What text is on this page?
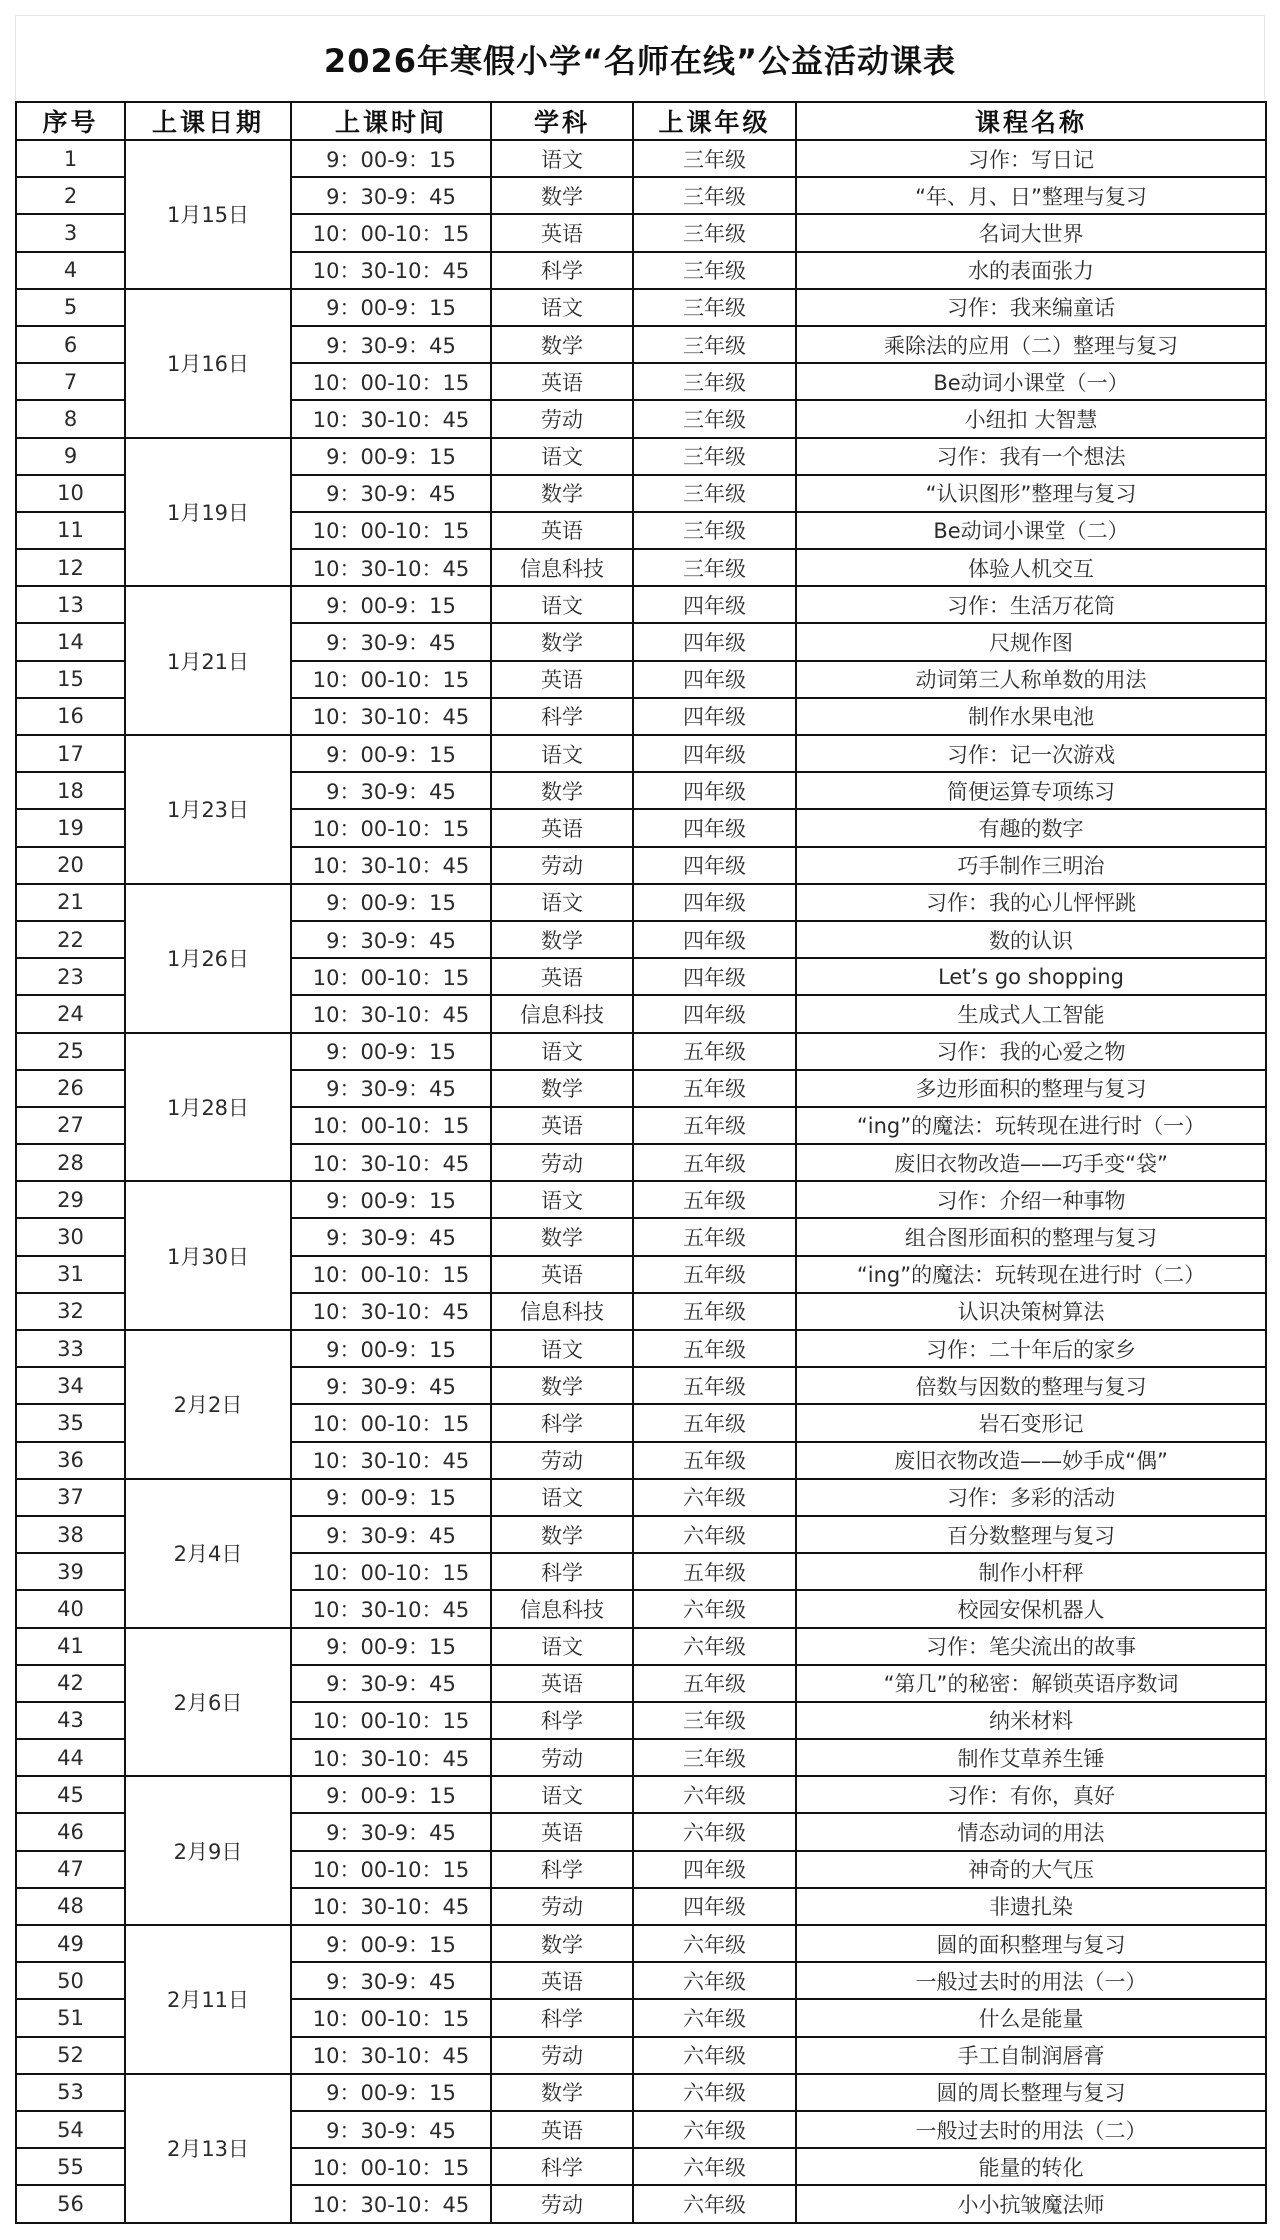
2026年寒假小学“名师在线”公益活动课表
序号	上课日期	上课时间	学科	上课年级	课程名称
1	1月15日	9：00-9：15	语文	三年级	习作：写日记
2		9：30-9：45	数学	三年级	“年、月、日”整理与复习
3		10：00-10：15	英语	三年级	名词大世界
4		10：30-10：45	科学	三年级	水的表面张力
5	1月16日	9：00-9：15	语文	三年级	习作：我来编童话
6		9：30-9：45	数学	三年级	乘除法的应用（二）整理与复习
7		10：00-10：15	英语	三年级	Be动词小课堂（一）
8		10：30-10：45	劳动	三年级	小纽扣 大智慧
9	1月19日	9：00-9：15	语文	三年级	习作：我有一个想法
10		9：30-9：45	数学	三年级	“认识图形”整理与复习
11		10：00-10：15	英语	三年级	Be动词小课堂（二）
12		10：30-10：45	信息科技	三年级	体验人机交互
13	1月21日	9：00-9：15	语文	四年级	习作：生活万花筒
14		9：30-9：45	数学	四年级	尺规作图
15		10：00-10：15	英语	四年级	动词第三人称单数的用法
16		10：30-10：45	科学	四年级	制作水果电池
17	1月23日	9：00-9：15	语文	四年级	习作：记一次游戏
18		9：30-9：45	数学	四年级	简便运算专项练习
19		10：00-10：15	英语	四年级	有趣的数字
20		10：30-10：45	劳动	四年级	巧手制作三明治
21	1月26日	9：00-9：15	语文	四年级	习作：我的心儿怦怦跳
22		9：30-9：45	数学	四年级	数的认识
23		10：00-10：15	英语	四年级	Let’s go shopping
24		10：30-10：45	信息科技	四年级	生成式人工智能
25	1月28日	9：00-9：15	语文	五年级	习作：我的心爱之物
26		9：30-9：45	数学	五年级	多边形面积的整理与复习
27		10：00-10：15	英语	五年级	“ing”的魔法：玩转现在进行时（一）
28		10：30-10：45	劳动	五年级	废旧衣物改造——巧手变“袋”
29	1月30日	9：00-9：15	语文	五年级	习作：介绍一种事物
30		9：30-9：45	数学	五年级	组合图形面积的整理与复习
31		10：00-10：15	英语	五年级	“ing”的魔法：玩转现在进行时（二）
32		10：30-10：45	信息科技	五年级	认识决策树算法
33	2月2日	9：00-9：15	语文	五年级	习作：二十年后的家乡
34		9：30-9：45	数学	五年级	倍数与因数的整理与复习
35		10：00-10：15	科学	五年级	岩石变形记
36		10：30-10：45	劳动	五年级	废旧衣物改造——妙手成“偶”
37	2月4日	9：00-9：15	语文	六年级	习作：多彩的活动
38		9：30-9：45	数学	六年级	百分数整理与复习
39		10：00-10：15	科学	五年级	制作小杆秤
40		10：30-10：45	信息科技	六年级	校园安保机器人
41	2月6日	9：00-9：15	语文	六年级	习作：笔尖流出的故事
42		9：30-9：45	英语	五年级	“第几”的秘密：解锁英语序数词
43		10：00-10：15	科学	三年级	纳米材料
44		10：30-10：45	劳动	三年级	制作艾草养生锤
45	2月9日	9：00-9：15	语文	六年级	习作：有你，真好
46		9：30-9：45	英语	六年级	情态动词的用法
47		10：00-10：15	科学	四年级	神奇的大气压
48		10：30-10：45	劳动	四年级	非遗扎染
49	2月11日	9：00-9：15	数学	六年级	圆的面积整理与复习
50		9：30-9：45	英语	六年级	一般过去时的用法（一）
51		10：00-10：15	科学	六年级	什么是能量
52		10：30-10：45	劳动	六年级	手工自制润唇膏
53	2月13日	9：00-9：15	数学	六年级	圆的周长整理与复习
54		9：30-9：45	英语	六年级	一般过去时的用法（二）
55		10：00-10：15	科学	六年级	能量的转化
56		10：30-10：45	劳动	六年级	小小抗皱魔法师
